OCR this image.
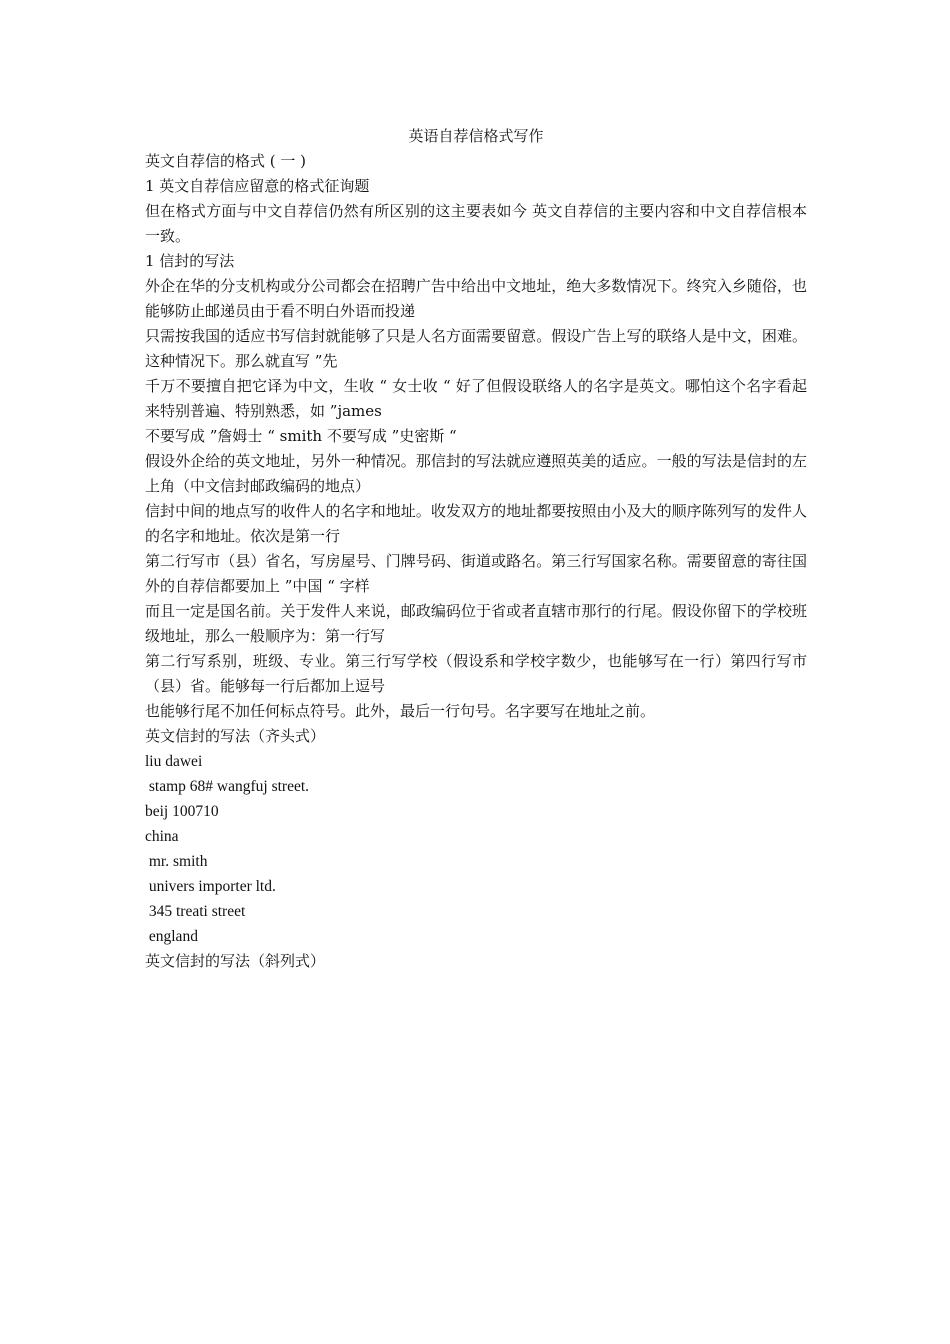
英语自荐信格式写作

英文自荐信的格式 ( 一 )

1 英文自荐信应留意的格式征询题

但在格式方面与中文自荐信仍然有所区别的这主要表如今 英文自荐信的主要内容和中文自荐信根本一致。

1 信封的写法

外企在华的分支机构或分公司都会在招聘广告中给出中文地址，绝大多数情况下。终究入乡随俗，也能够防止邮递员由于看不明白外语而投递

只需按我国的适应书写信封就能够了只是人名方面需要留意。假设广告上写的联络人是中文，困难。这种情况下。那么就直写 ”先

千万不要擅自把它译为中文，生收 “ 女士收 “ 好了但假设联络人的名字是英文。哪怕这个名字看起来特别普遍、特别熟悉，如 ”james

不要写成 ”詹姆士 “ smith 不要写成 ”史密斯 “

假设外企给的英文地址，另外一种情况。那信封的写法就应遵照英美的适应。一般的写法是信封的左上角（中文信封邮政编码的地点）

信封中间的地点写的收件人的名字和地址。收发双方的地址都要按照由小及大的顺序陈列写的发件人的名字和地址。依次是第一行

第二行写市（县）省名，写房屋号、门牌号码、街道或路名。第三行写国家名称。需要留意的寄往国外的自荐信都要加上 ”中国 “ 字样

而且一定是国名前。关于发件人来说，邮政编码位于省或者直辖市那行的行尾。假设你留下的学校班级地址，那么一般顺序为：第一行写

第二行写系别，班级、专业。第三行写学校（假设系和学校字数少，也能够写在一行）第四行写市（县）省。能够每一行后都加上逗号

也能够行尾不加任何标点符号。此外，最后一行句号。名字要写在地址之前。

英文信封的写法（齐头式）

liu dawei

stamp 68# wangfuj street.

beij 100710

china

mr. smith

univers importer ltd.

345 treati street

england

英文信封的写法（斜列式）
